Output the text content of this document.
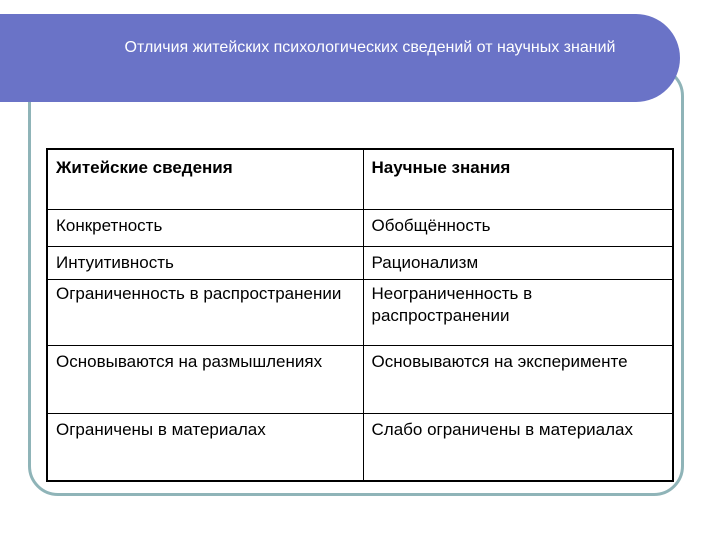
Отличия житейских психологических сведений от научных знаний
Житейские сведения	Научные знания
Конкретность	Обобщённость
Интуитивность	Рационализм
Ограниченность в распространении	Неограниченность в распространении
Основываются на размышлениях	Основываются на эксперименте
Ограничены в материалах	Слабо ограничены в материалах
